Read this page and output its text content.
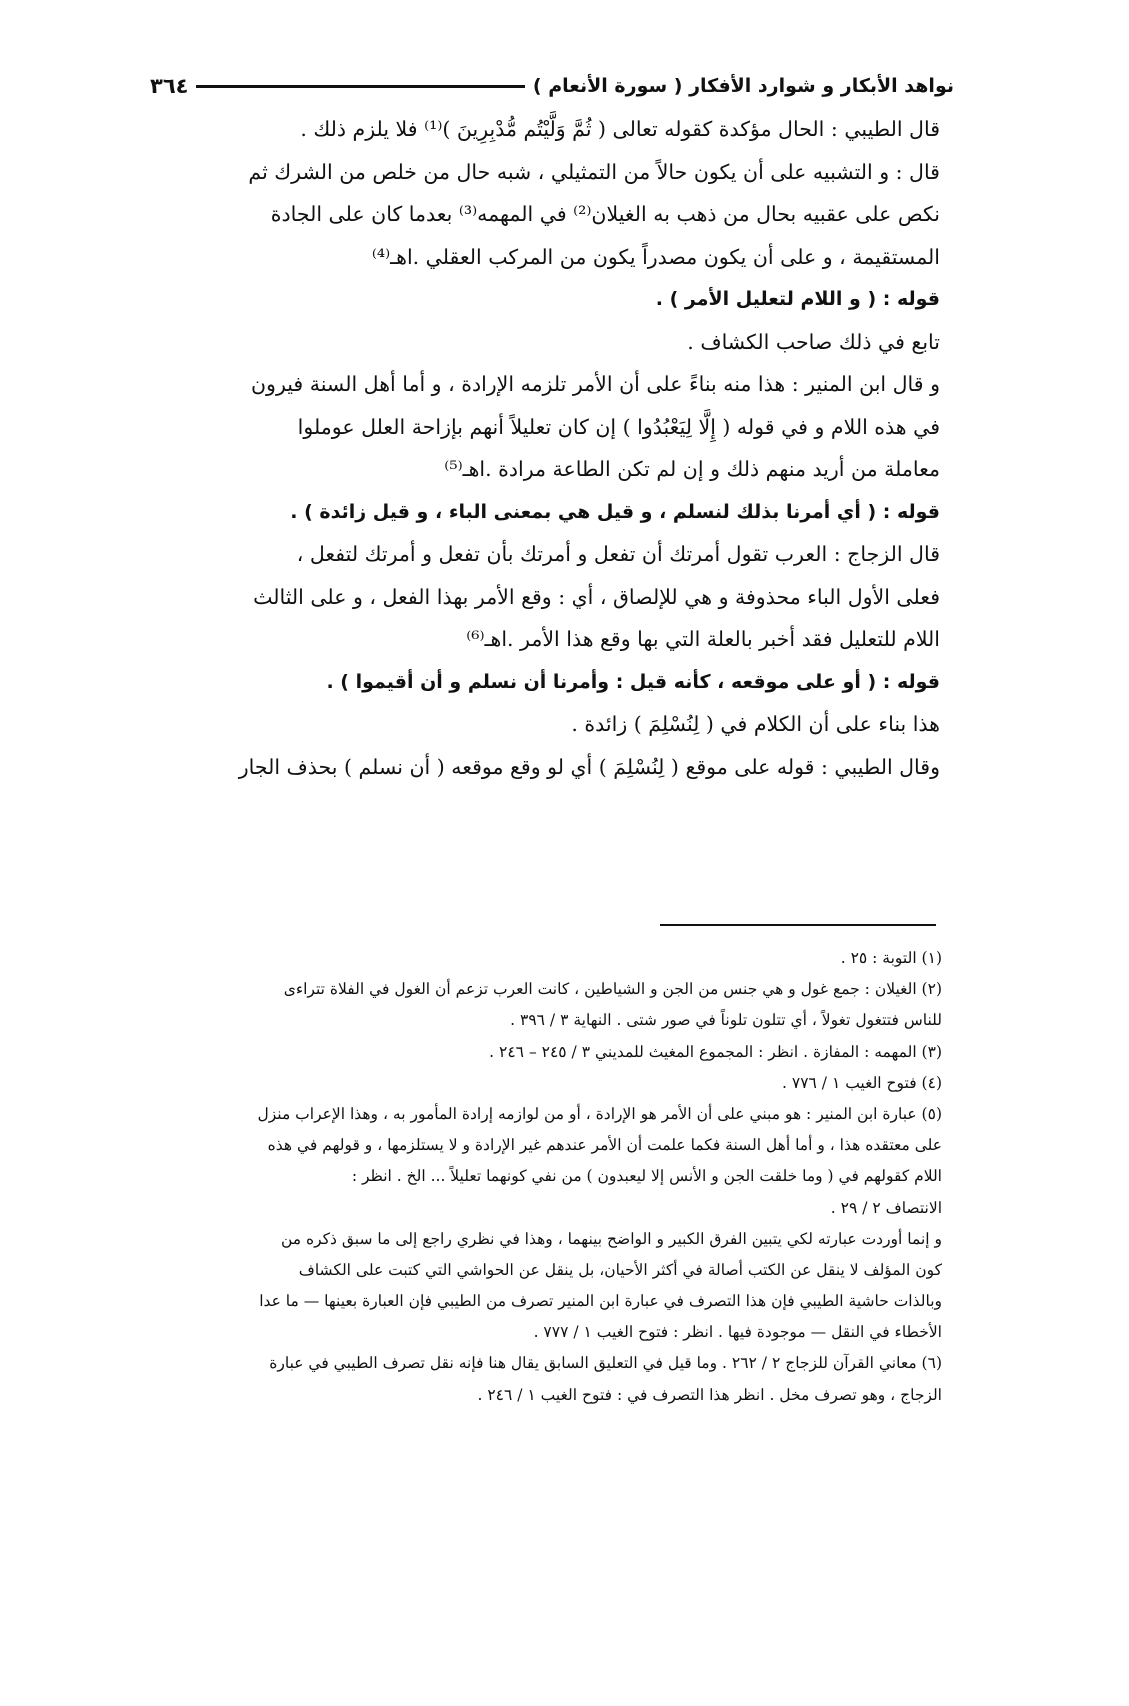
نواهد الأبكار و شوارد الأفكار ( سورة الأنعام )
٣٦٤
قال الطيبي : الحال مؤكدة كقوله تعالى ( ثُمَّ وَلَّيْتُم مُّدْبِرِينَ )⁽¹⁾ فلا يلزم ذلك .
قال : و التشبيه على أن يكون حالاً من التمثيلي ، شبه حال من خلص من الشرك ثم
نكص على عقبيه بحال من ذهب به الغيلان⁽²⁾ في المهمه⁽³⁾ بعدما كان على الجادة
المستقيمة ، و على أن يكون مصدراً يكون من المركب العقلي .اهـ⁽⁴⁾
قوله : ( و اللام لتعليل الأمر ) .
تابع في ذلك صاحب الكشاف .
و قال ابن المنير : هذا منه بناءً على أن الأمر تلزمه الإرادة ، و أما أهل السنة فيرون
في هذه اللام و في قوله ( إِلَّا لِيَعْبُدُوا ) إن كان تعليلاً أنهم بإزاحة العلل عوملوا
معاملة من أريد منهم ذلك و إن لم تكن الطاعة مرادة .اهـ⁽⁵⁾
قوله : ( أي أمرنا بذلك لنسلم ، و قيل هي بمعنى الباء ، و قيل زائدة ) .
قال الزجاج : العرب تقول أمرتك أن تفعل و أمرتك بأن تفعل و أمرتك لتفعل ،
فعلى الأول الباء محذوفة و هي للإلصاق ، أي : وقع الأمر بهذا الفعل ، و على الثالث
اللام للتعليل فقد أخبر بالعلة التي بها وقع هذا الأمر .اهـ⁽⁶⁾
قوله : ( أو على موقعه ، كأنه قيل : وأمرنا أن نسلم و أن أقيموا ) .
هذا بناء على أن الكلام في ( لِنُسْلِمَ ) زائدة .
وقال الطيبي : قوله على موقع ( لِنُسْلِمَ ) أي لو وقع موقعه ( أن نسلم ) بحذف الجار
(١) التوبة : ٢٥ .
(٢) الغيلان : جمع غول و هي جنس من الجن و الشياطين ، كانت العرب تزعم أن الغول في الفلاة تتراءى
للناس فتتغول تغولاً ، أي تتلون تلوناً في صور شتى . النهاية ٣ / ٣٩٦ .
(٣) المهمه : المفازة . انظر : المجموع المغيث للمديني ٣ / ٢٤٥ – ٢٤٦ .
(٤) فتوح الغيب ١ / ٧٧٦ .
(٥) عبارة ابن المنير : هو مبني على أن الأمر هو الإرادة ، أو من لوازمه إرادة المأمور به ، وهذا الإعراب منزل
على معتقده هذا ، و أما أهل السنة فكما علمت أن الأمر عندهم غير الإرادة و لا يستلزمها ، و قولهم في هذه
اللام كقولهم في ( وما خلقت الجن و الأنس إلا ليعبدون ) من نفي كونهما تعليلاً ... الخ . انظر :
الانتصاف ٢ / ٢٩ .
و إنما أوردت عبارته لكي يتبين الفرق الكبير و الواضح بينهما ، وهذا في نظري راجع إلى ما سبق ذكره من
كون المؤلف لا ينقل عن الكتب أصالة في أكثر الأحيان، بل ينقل عن الحواشي التي كتبت على الكشاف
وبالذات حاشية الطيبي فإن هذا التصرف في عبارة ابن المنير تصرف من الطيبي فإن العبارة بعينها — ما عدا
الأخطاء في النقل — موجودة فيها . انظر : فتوح الغيب ١ / ٧٧٧ .
(٦) معاني القرآن للزجاج ٢ / ٢٦٢ . وما قيل في التعليق السابق يقال هنا فإنه نقل تصرف الطيبي في عبارة
الزجاج ، وهو تصرف مخل . انظر هذا التصرف في : فتوح الغيب ١ / ٢٤٦ .
